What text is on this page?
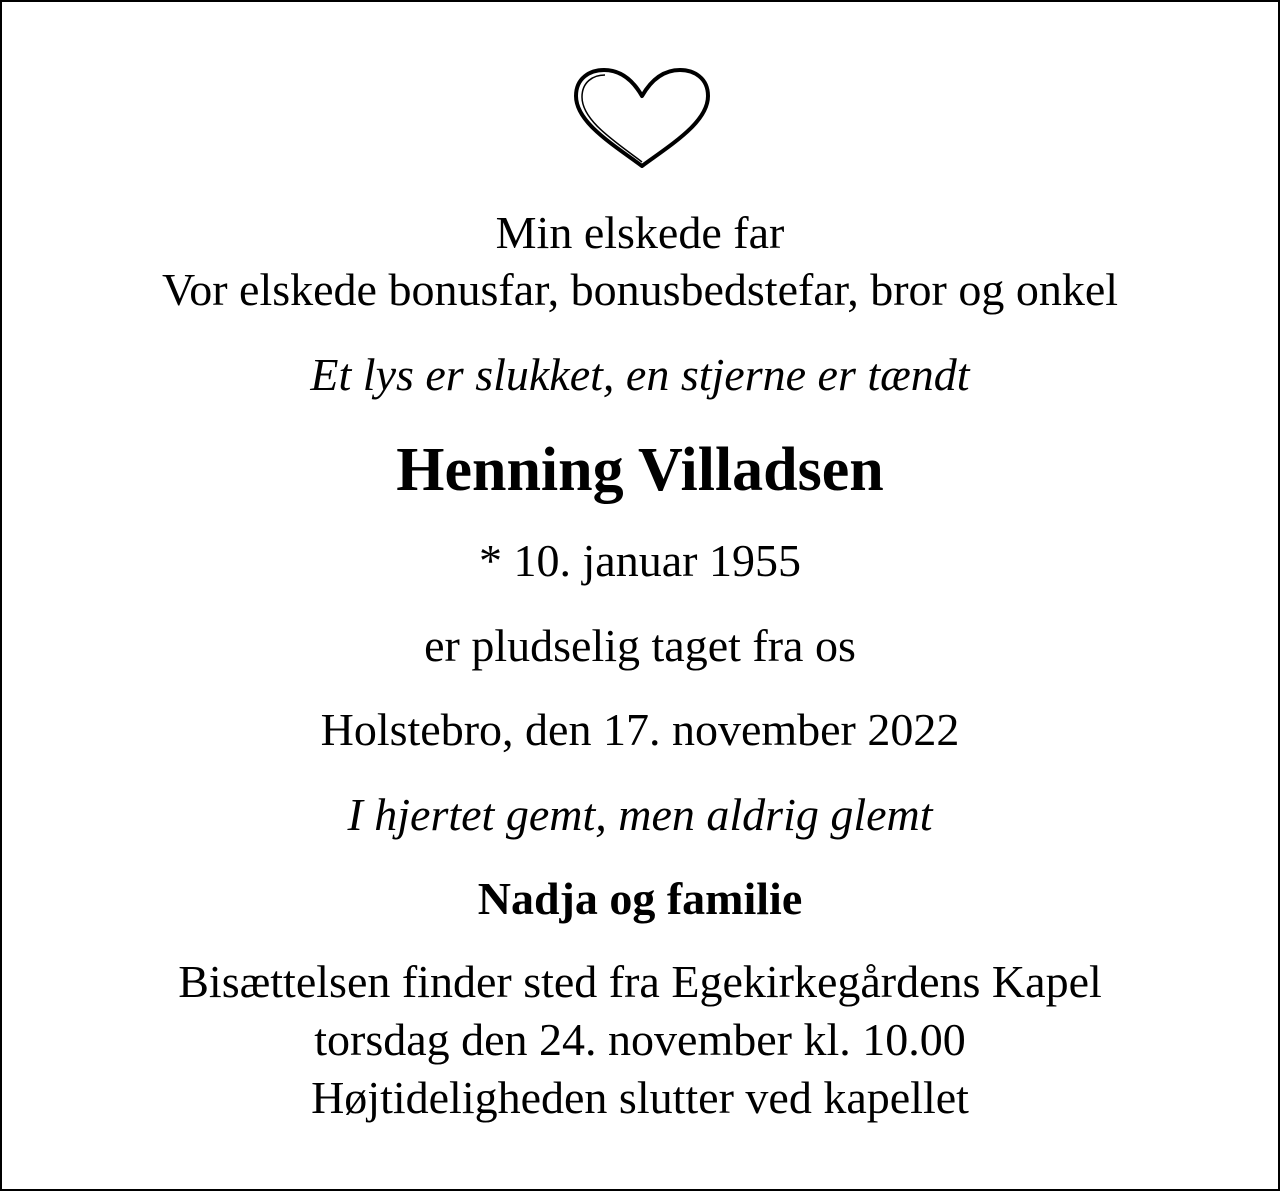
Min elskede far
Vor elskede bonusfar, bonusbedstefar, bror og onkel
Et lys er slukket, en stjerne er tændt
Henning Villadsen
* 10. januar 1955
er pludselig taget fra os
Holstebro, den 17. november 2022
I hjertet gemt, men aldrig glemt
Nadja og familie
Bisættelsen finder sted fra Egekirkegårdens Kapel
torsdag den 24. november kl. 10.00
Højtideligheden slutter ved kapellet
